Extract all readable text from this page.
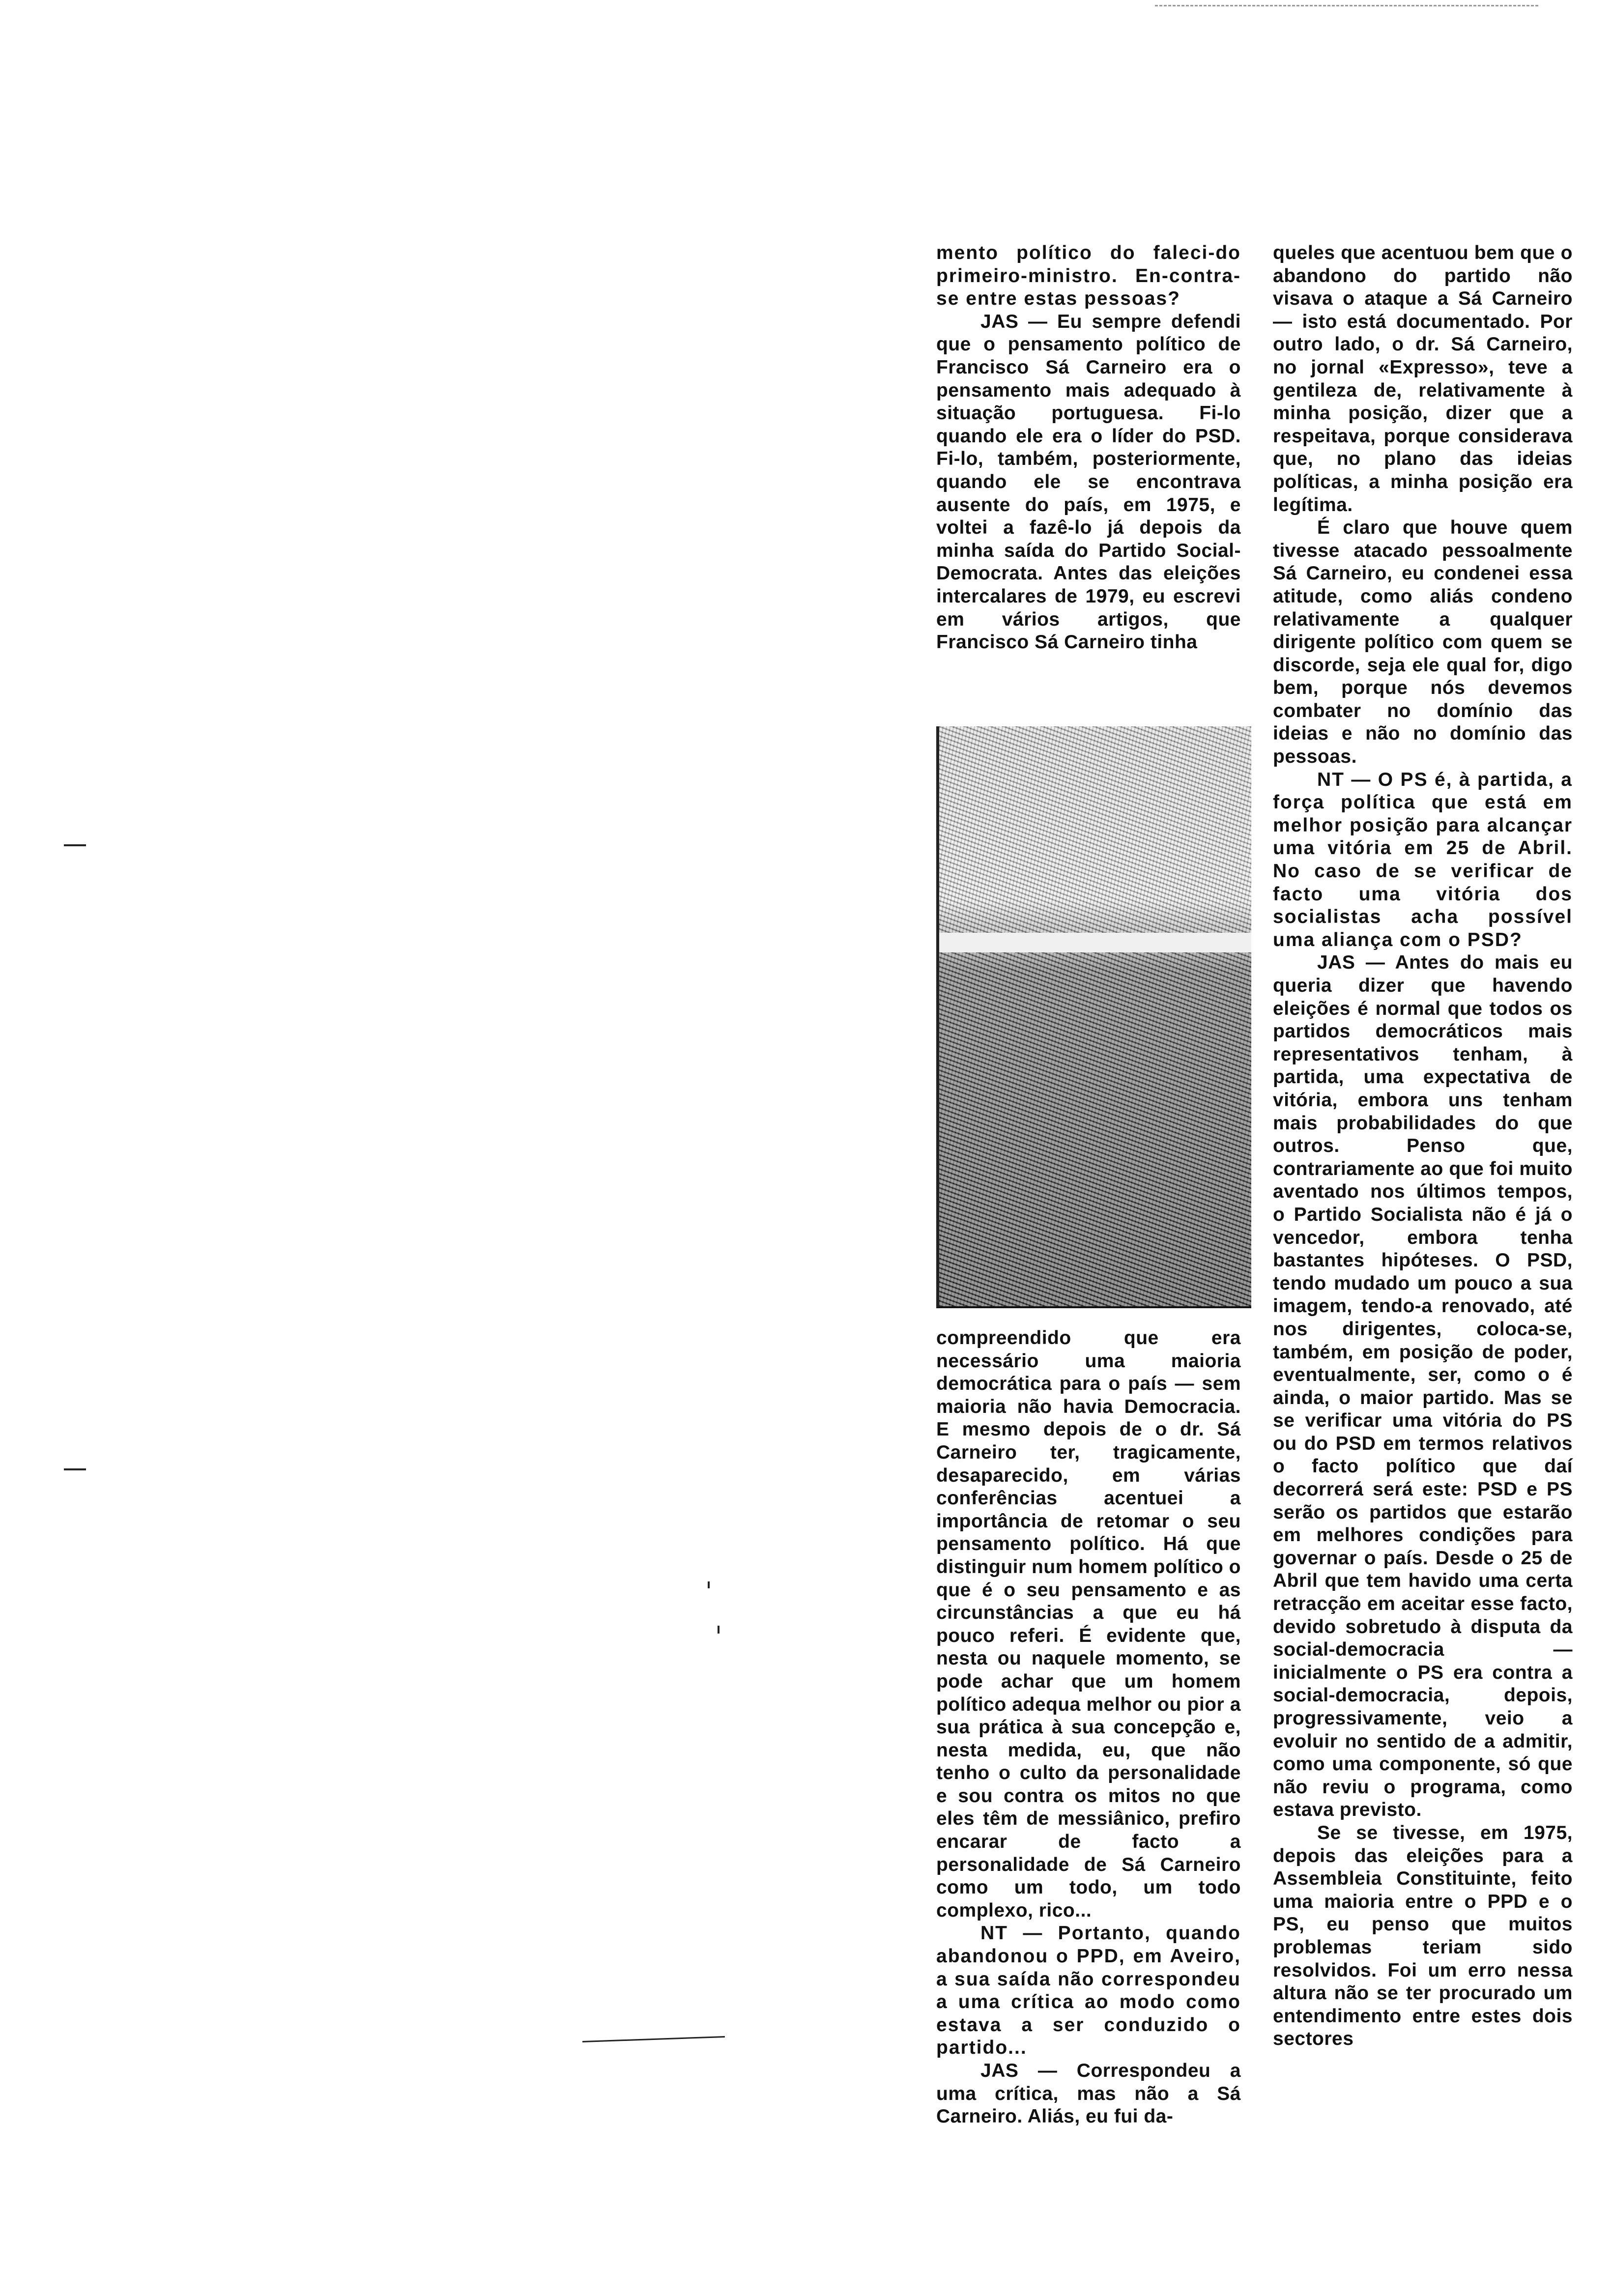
mento político do faleci-do primeiro-ministro. En-contra-se entre estas pessoas?

JAS — Eu sempre defendi que o pensamento político de Francisco Sá Carneiro era o pensamento mais adequado à situação portuguesa. Fi-lo quando ele era o líder do PSD. Fi-lo, também, posteriormente, quando ele se encontrava ausente do país, em 1975, e voltei a fazê-lo já depois da minha saída do Partido Social-Democrata. Antes das eleições intercalares de 1979, eu escrevi em vários artigos, que Francisco Sá Carneiro tinha

compreendido que era necessário uma maioria democrática para o país — sem maioria não havia Democracia. E mesmo depois de o dr. Sá Carneiro ter, tragicamente, desaparecido, em várias conferências acentuei a importância de retomar o seu pensamento político. Há que distinguir num homem político o que é o seu pensamento e as circunstâncias a que eu há pouco referi. É evidente que, nesta ou naquele momento, se pode achar que um homem político adequa melhor ou pior a sua prática à sua concepção e, nesta medida, eu, que não tenho o culto da personalidade e sou contra os mitos no que eles têm de messiânico, prefiro encarar de facto a personalidade de Sá Carneiro como um todo, um todo complexo, rico...

NT — Portanto, quando abandonou o PPD, em Aveiro, a sua saída não correspondeu a uma crítica ao modo como estava a ser conduzido o partido...

JAS — Correspondeu a uma crítica, mas não a Sá Carneiro. Aliás, eu fui da-

queles que acentuou bem que o abandono do partido não visava o ataque a Sá Carneiro — isto está documentado. Por outro lado, o dr. Sá Carneiro, no jornal «Expresso», teve a gentileza de, relativamente à minha posição, dizer que a respeitava, porque considerava que, no plano das ideias políticas, a minha posição era legítima.

É claro que houve quem tivesse atacado pessoalmente Sá Carneiro, eu condenei essa atitude, como aliás condeno relativamente a qualquer dirigente político com quem se discorde, seja ele qual for, digo bem, porque nós devemos combater no domínio das ideias e não no domínio das pessoas.

NT — O PS é, à partida, a força política que está em melhor posição para alcançar uma vitória em 25 de Abril. No caso de se verificar de facto uma vitória dos socialistas acha possível uma aliança com o PSD?

JAS — Antes do mais eu queria dizer que havendo eleições é normal que todos os partidos democráticos mais representativos tenham, à partida, uma expectativa de vitória, embora uns tenham mais probabilidades do que outros. Penso que, contrariamente ao que foi muito aventado nos últimos tempos, o Partido Socialista não é já o vencedor, embora tenha bastantes hipóteses. O PSD, tendo mudado um pouco a sua imagem, tendo-a renovado, até nos dirigentes, coloca-se, também, em posição de poder, eventualmente, ser, como o é ainda, o maior partido. Mas se se verificar uma vitória do PS ou do PSD em termos relativos o facto político que daí decorrerá será este: PSD e PS serão os partidos que estarão em melhores condições para governar o país. Desde o 25 de Abril que tem havido uma certa retracção em aceitar esse facto, devido sobretudo à disputa da social-democracia — inicialmente o PS era contra a social-democracia, depois, progressivamente, veio a evoluir no sentido de a admitir, como uma componente, só que não reviu o programa, como estava previsto.

Se se tivesse, em 1975, depois das eleições para a Assembleia Constituinte, feito uma maioria entre o PPD e o PS, eu penso que muitos problemas teriam sido resolvidos. Foi um erro nessa altura não se ter procurado um entendimento entre estes dois sectores
